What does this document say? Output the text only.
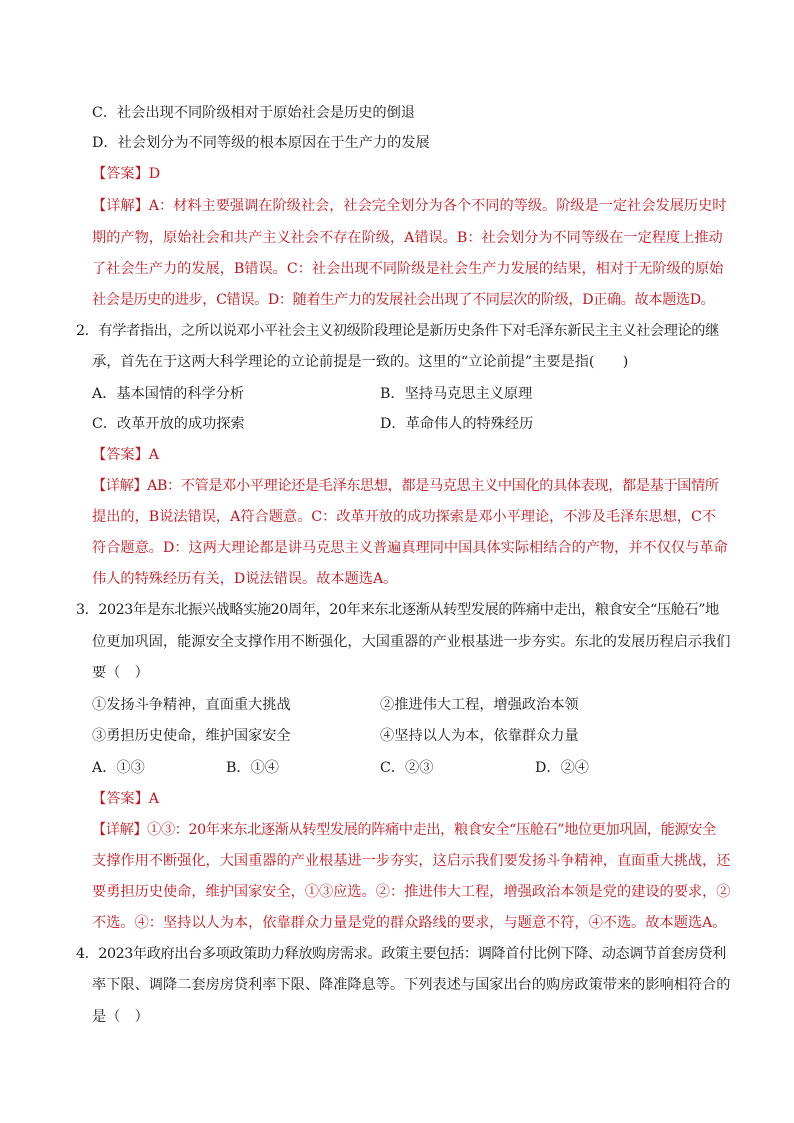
C．社会出现不同阶级相对于原始社会是历史的倒退
D．社会划分为不同等级的根本原因在于生产力的发展
【答案】D
【详解】A：材料主要强调在阶级社会，社会完全划分为各个不同的等级。阶级是一定社会发展历史时
期的产物，原始社会和共产主义社会不存在阶级，A错误。B：社会划分为不同等级在一定程度上推动
了社会生产力的发展，B错误。C：社会出现不同阶级是社会生产力发展的结果，相对于无阶级的原始
社会是历史的进步，C错误。D：随着生产力的发展社会出现了不同层次的阶级，D正确。故本题选D。
2．有学者指出，之所以说邓小平社会主义初级阶段理论是新历史条件下对毛泽东新民主主义社会理论的继
承，首先在于这两大科学理论的立论前提是一致的。这里的“立论前提”主要是指(　　)
A．基本国情的科学分析	B．坚持马克思主义原理
C．改革开放的成功探索	D．革命伟人的特殊经历
【答案】A
【详解】AB：不管是邓小平理论还是毛泽东思想，都是马克思主义中国化的具体表现，都是基于国情所
提出的，B说法错误，A符合题意。C：改革开放的成功探索是邓小平理论，不涉及毛泽东思想，C不
符合题意。D：这两大理论都是讲马克思主义普遍真理同中国具体实际相结合的产物，并不仅仅与革命
伟人的特殊经历有关，D说法错误。故本题选A。
3．2023年是东北振兴战略实施20周年，20年来东北逐渐从转型发展的阵痛中走出，粮食安全“压舱石”地
位更加巩固，能源安全支撑作用不断强化，大国重器的产业根基进一步夯实。东北的发展历程启示我们
要（　）
①发扬斗争精神，直面重大挑战	②推进伟大工程，增强政治本领
③勇担历史使命，维护国家安全	④坚持以人为本，依靠群众力量
A．①③	B．①④	C．②③	D．②④
【答案】A
【详解】①③：20年来东北逐渐从转型发展的阵痛中走出，粮食安全“压舱石”地位更加巩固，能源安全
支撑作用不断强化，大国重器的产业根基进一步夯实，这启示我们要发扬斗争精神，直面重大挑战，还
要勇担历史使命，维护国家安全，①③应选。②：推进伟大工程，增强政治本领是党的建设的要求，②
不选。④：坚持以人为本，依靠群众力量是党的群众路线的要求，与题意不符，④不选。故本题选A。
4．2023年政府出台多项政策助力释放购房需求。政策主要包括：调降首付比例下降、动态调节首套房贷利
率下限、调降二套房房贷利率下限、降准降息等。下列表述与国家出台的购房政策带来的影响相符合的
是（　）
